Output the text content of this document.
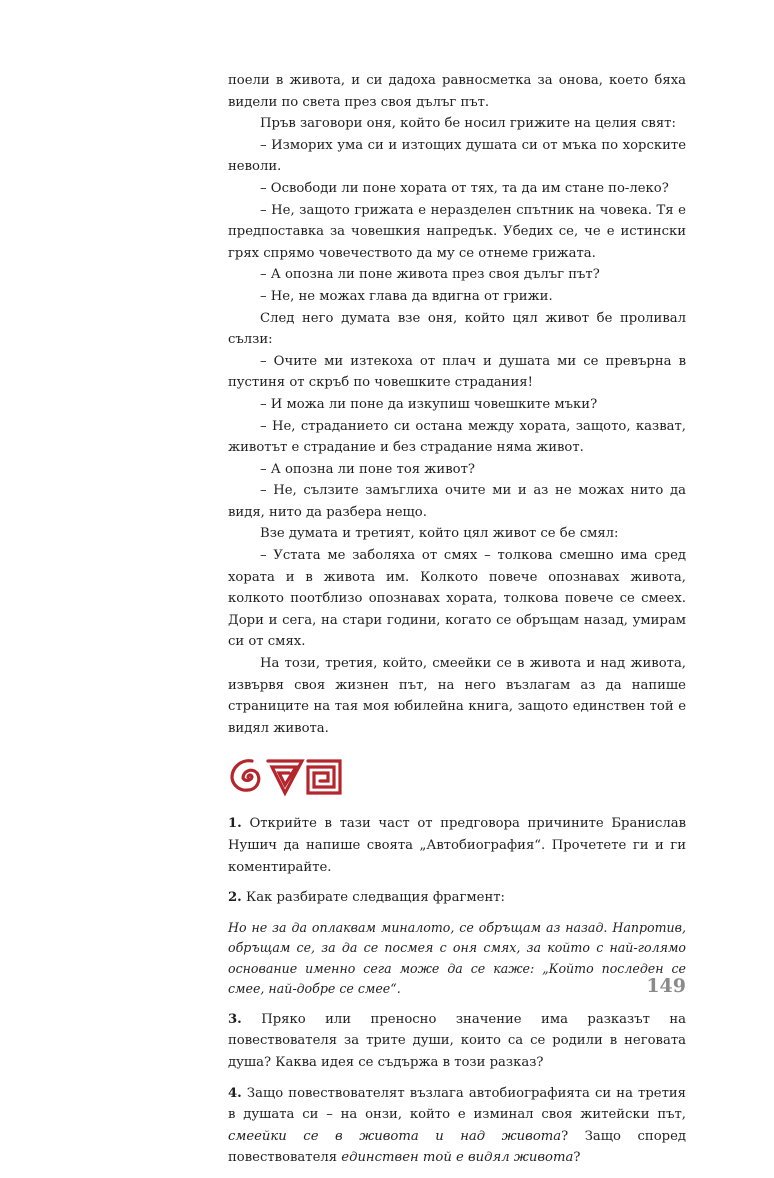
поели в живота, и си дадоха равносметка за онова, което бяха видели по света през своя дълъг път.

Пръв заговори оня, който бе носил грижите на целия свят:

– Изморих ума си и изтощих душата си от мъка по хорските неволи.

– Освободи ли поне хората от тях, та да им стане по-леко?

– Не, защото грижата е неразделен спътник на човека. Тя е предпоставка за човешкия напредък. Убедих се, че е истински грях спрямо човечеството да му се отнеме грижата.

– А опозна ли поне живота през своя дълъг път?

– Не, не можах глава да вдигна от грижи.

След него думата взе оня, който цял живот бе проливал сълзи:

– Очите ми изтекоха от плач и душата ми се превърна в пустиня от скръб по човешките страдания!

– И можа ли поне да изкупиш човешките мъки?

– Не, страданието си остана между хората, защото, казват, животът е страдание и без страдание няма живот.

– А опозна ли поне тоя живот?

– Не, сълзите замъглиха очите ми и аз не можах нито да видя, нито да разбера нещо.

Взе думата и третият, който цял живот се бе смял:

– Устата ме заболяха от смях – толкова смешно има сред хората и в живота им. Колкото повече опознавах живота, колкото поотблизо опознавах хората, толкова повече се смеех. Дори и сега, на стари години, когато се обръщам назад, умирам си от смях.

На този, третия, който, смеейки се в живота и над живота, извървя своя жизнен път, на него възлагам аз да напише страниците на тая моя юбилейна книга, защото единствен той е видял живота.

1. Открийте в тази част от предговора причините Бранислав Нушич да напише своята „Автобиография“. Прочетете ги и ги коментирайте.

2. Как разбирате следващия фрагмент:

Но не за да оплаквам миналото, се обръщам аз назад. Напротив, обръщам се, за да се посмея с оня смях, за който с най-голямо основание именно сега може да се каже: „Който последен се смее, най-добре се смее“.

3. Пряко или преносно значение има разказът на повествователя за трите души, които са се родили в неговата душа? Каква идея се съдържа в този разказ?

4. Защо повествователят възлага автобиографията си на третия в душата си – на онзи, който е изминал своя житейски път, смеейки се в живота и над живота? Защо според повествователя единствен той е видял живота?

149
